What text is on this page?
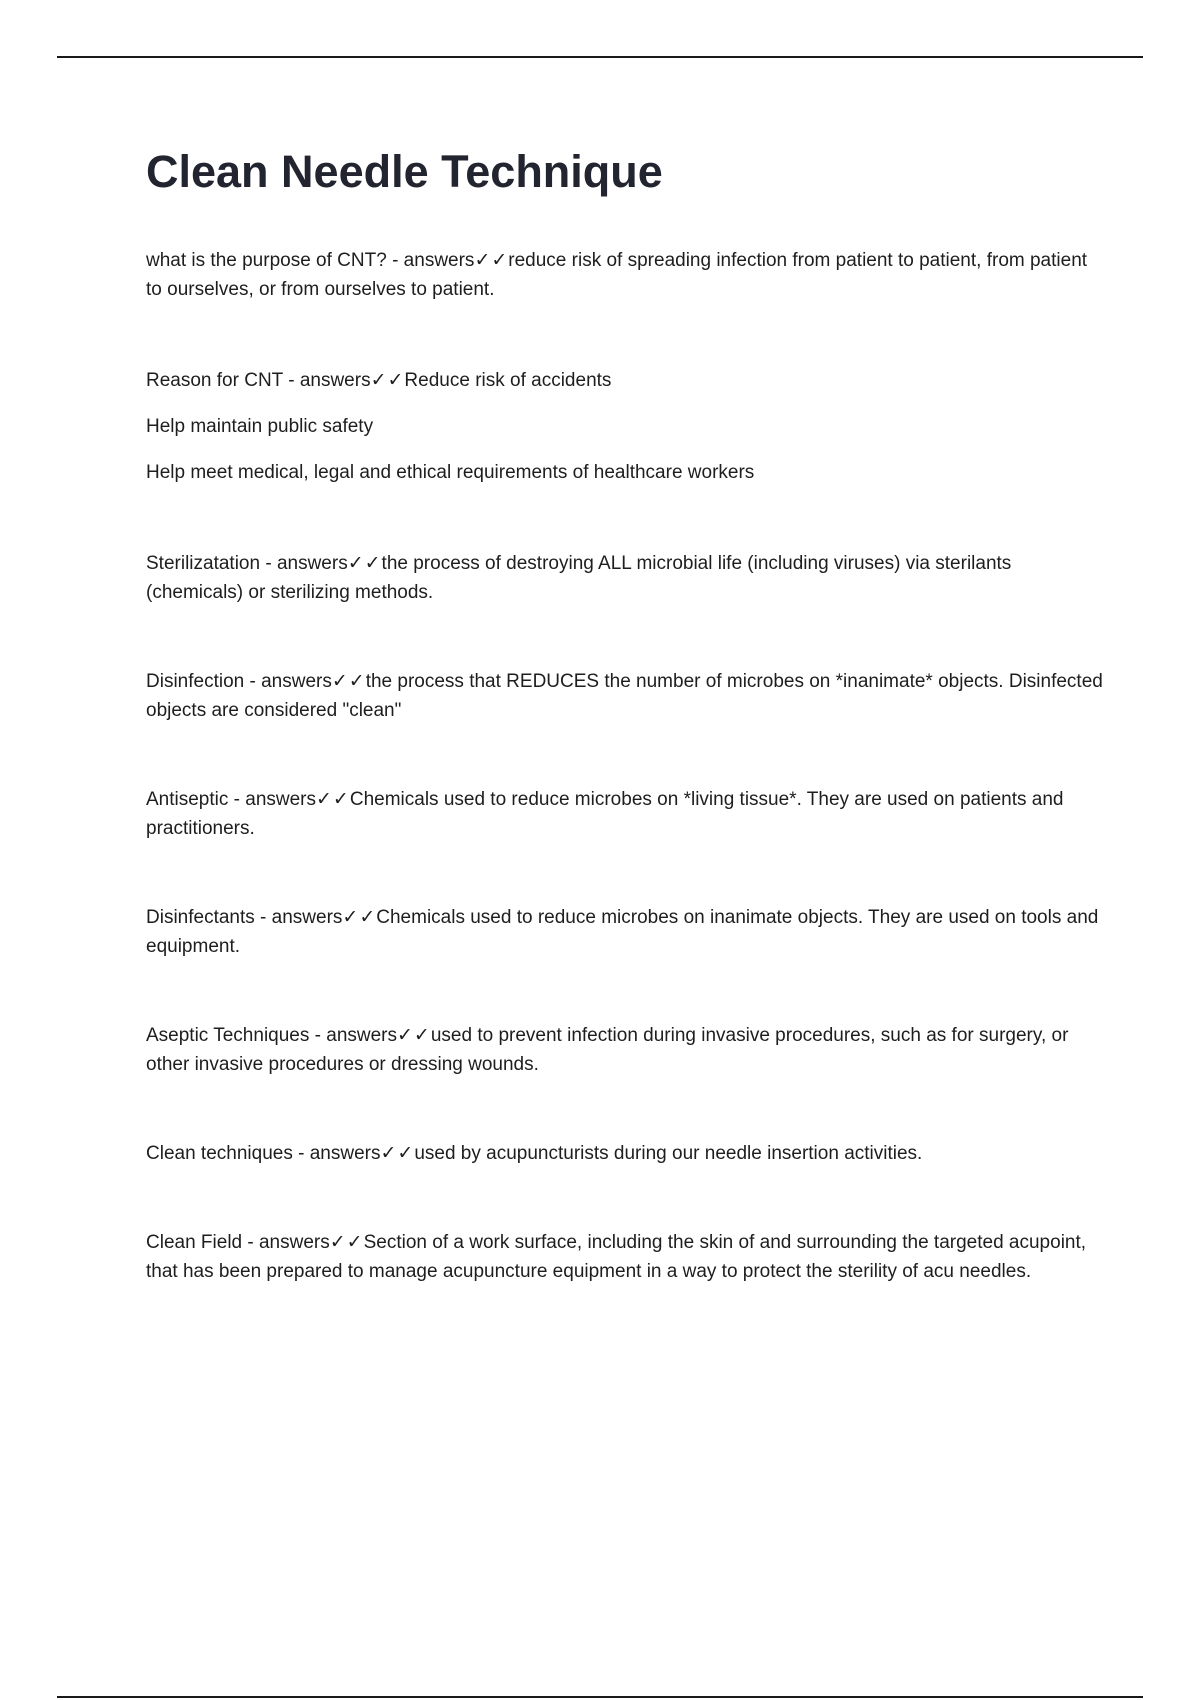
Clean Needle Technique

what is the purpose of CNT? - answers✓✓reduce risk of spreading infection from patient to patient, from patient to ourselves, or from ourselves to patient.

Reason for CNT - answers✓✓Reduce risk of accidents

Help maintain public safety

Help meet medical, legal and ethical requirements of healthcare workers

Sterilizatation - answers✓✓the process of destroying ALL microbial life (including viruses) via sterilants (chemicals) or sterilizing methods.

Disinfection - answers✓✓the process that REDUCES the number of microbes on *inanimate* objects. Disinfected objects are considered "clean"

Antiseptic - answers✓✓Chemicals used to reduce microbes on *living tissue*. They are used on patients and practitioners.

Disinfectants - answers✓✓Chemicals used to reduce microbes on inanimate objects. They are used on tools and equipment.

Aseptic Techniques - answers✓✓used to prevent infection during invasive procedures, such as for surgery, or other invasive procedures or dressing wounds.

Clean techniques - answers✓✓used by acupuncturists during our needle insertion activities.

Clean Field - answers✓✓Section of a work surface, including the skin of and surrounding the targeted acupoint, that has been prepared to manage acupuncture equipment in a way to protect the sterility of acu needles.
